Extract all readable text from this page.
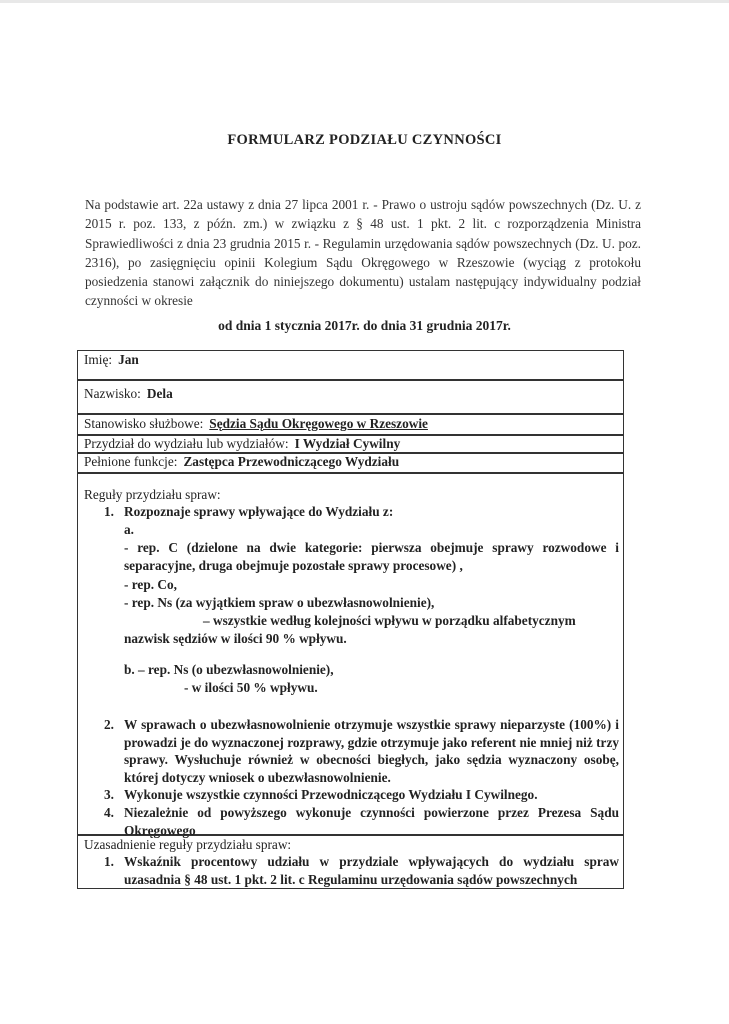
FORMULARZ PODZIAŁU CZYNNOŚCI
Na podstawie art. 22a ustawy z dnia 27 lipca 2001 r. - Prawo o ustroju sądów powszechnych (Dz. U. z 2015 r. poz. 133, z późn. zm.) w związku z § 48 ust. 1 pkt. 2 lit. c rozporządzenia Ministra Sprawiedliwości z dnia 23 grudnia 2015 r. - Regulamin urzędowania sądów powszechnych (Dz. U. poz. 2316), po zasięgnięciu opinii Kolegium Sądu Okręgowego w Rzeszowie (wyciąg z protokołu posiedzenia stanowi załącznik do niniejszego dokumentu) ustalam następujący indywidualny podział czynności w okresie
od dnia 1 stycznia 2017r. do dnia 31 grudnia 2017r.
Imię: Jan
Nazwisko: Dela
Stanowisko służbowe: Sędzia Sądu Okręgowego w Rzeszowie
Przydział do wydziału lub wydziałów: I Wydział Cywilny
Pełnione funkcje: Zastępca Przewodniczącego Wydziału
Reguły przydziału spraw:
1. Rozpoznaje sprawy wpływające do Wydziału z:
a.
- rep. C (dzielone na dwie kategorie: pierwsza obejmuje sprawy rozwodowe i separacyjne, druga obejmuje pozostałe sprawy procesowe) ,
- rep. Co,
- rep. Ns (za wyjątkiem spraw o ubezwłasnowolnienie),
– wszystkie według kolejności wpływu w porządku alfabetycznym
nazwisk sędziów w ilości 90 % wpływu.
b. – rep. Ns (o ubezwłasnowolnienie),
- w ilości 50 % wpływu.
2. W sprawach o ubezwłasnowolnienie otrzymuje wszystkie sprawy nieparzyste (100%) i prowadzi je do wyznaczonej rozprawy, gdzie otrzymuje jako referent nie mniej niż trzy sprawy. Wysłuchuje również w obecności biegłych, jako sędzia wyznaczony osobę, której dotyczy wniosek o ubezwłasnowolnienie.
3. Wykonuje wszystkie czynności Przewodniczącego Wydziału I Cywilnego.
4. Niezależnie od powyższego wykonuje czynności powierzone przez Prezesa Sądu Okręgowego
Uzasadnienie reguły przydziału spraw:
1. Wskaźnik procentowy udziału w przydziale wpływających do wydziału spraw uzasadnia § 48 ust. 1 pkt. 2 lit. c Regulaminu urzędowania sądów powszechnych
